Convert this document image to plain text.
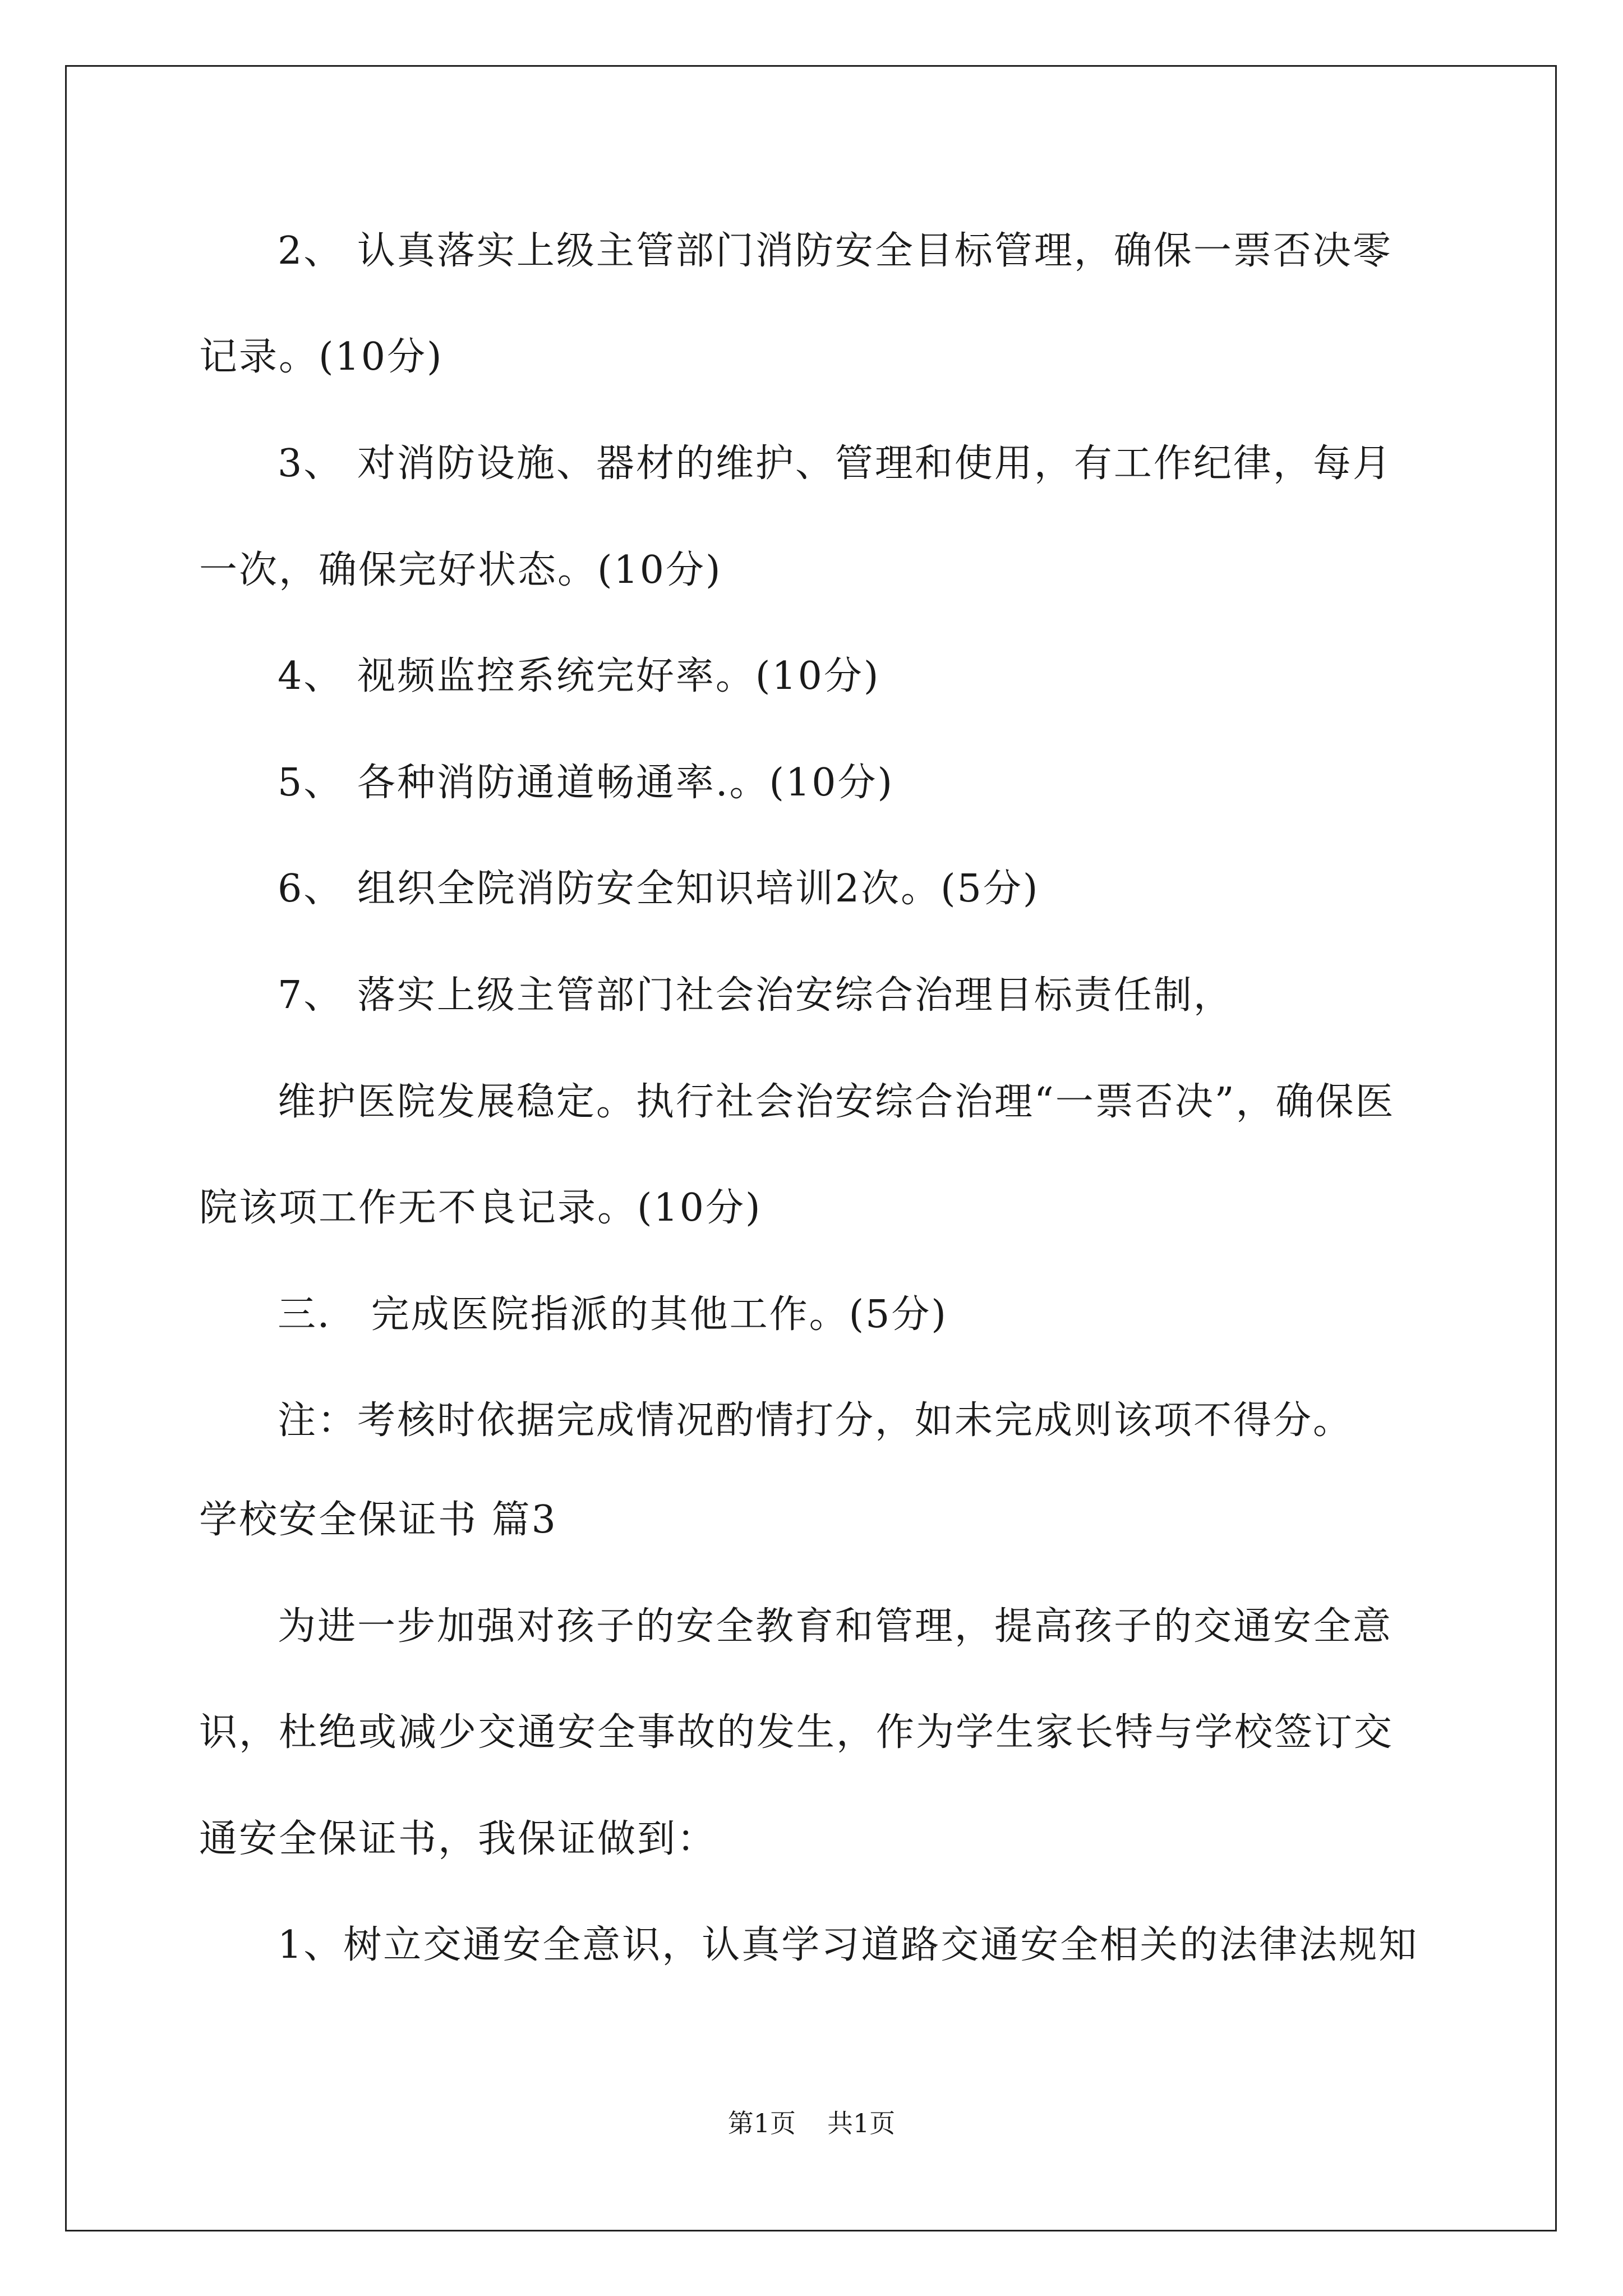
2、 认真落实上级主管部门消防安全目标管理，确保一票否决零
记录。(10分)
3、 对消防设施、器材的维护、管理和使用，有工作纪律，每月
一次，确保完好状态。(10分)
4、 视频监控系统完好率。(10分)
5、 各种消防通道畅通率.。(10分)
6、 组织全院消防安全知识培训2次。(5分)
7、 落实上级主管部门社会治安综合治理目标责任制，
维护医院发展稳定。执行社会治安综合治理“一票否决”，确保医
院该项工作无不良记录。(10分)
三． 完成医院指派的其他工作。(5分)
注：考核时依据完成情况酌情打分，如未完成则该项不得分。
学校安全保证书 篇3
为进一步加强对孩子的安全教育和管理，提高孩子的交通安全意
识，杜绝或减少交通安全事故的发生，作为学生家长特与学校签订交
通安全保证书，我保证做到：
1、树立交通安全意识，认真学习道路交通安全相关的法律法规知
第1页 共1页
